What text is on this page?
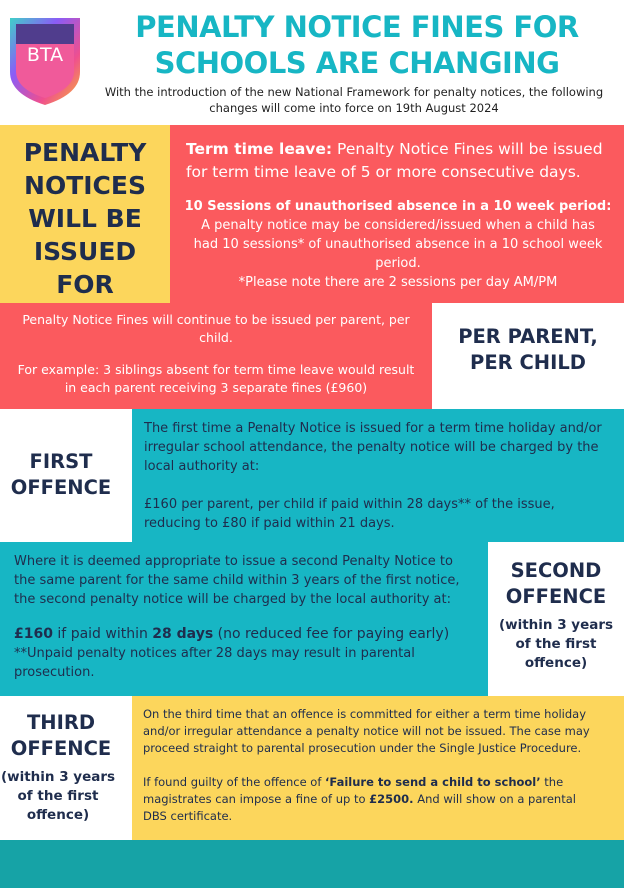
BTA
PENALTY NOTICE FINES FOR
SCHOOLS ARE CHANGING
With the introduction of the new National Framework for penalty notices, the following
changes will come into force on 19th August 2024
PENALTY
NOTICES
WILL BE
ISSUED
FOR
Term time leave: Penalty Notice Fines will be issued
for term time leave of 5 or more consecutive days.
10 Sessions of unauthorised absence in a 10 week period:
A penalty notice may be considered/issued when a child has
had 10 sessions* of unauthorised absence in a 10 school week
period.
*Please note there are 2 sessions per day AM/PM
Penalty Notice Fines will continue to be issued per parent, per
child.
For example: 3 siblings absent for term time leave would result
in each parent receiving 3 separate fines (£960)
PER PARENT,
PER CHILD
FIRST
OFFENCE
The first time a Penalty Notice is issued for a term time holiday and/or
irregular school attendance, the penalty notice will be charged by the
local authority at:
£160 per parent, per child if paid within 28 days** of the issue,
reducing to £80 if paid within 21 days.
Where it is deemed appropriate to issue a second Penalty Notice to
the same parent for the same child within 3 years of the first notice,
the second penalty notice will be charged by the local authority at:
£160 if paid within 28 days (no reduced fee for paying early)
**Unpaid penalty notices after 28 days may result in parental
prosecution.
SECOND
OFFENCE
(within 3 years
of the first
offence)
THIRD
OFFENCE
(within 3 years
of the first
offence)
On the third time that an offence is committed for either a term time holiday
and/or irregular attendance a penalty notice will not be issued. The case may
proceed straight to parental prosecution under the Single Justice Procedure.
If found guilty of the offence of ‘Failure to send a child to school’ the
magistrates can impose a fine of up to £2500. And will show on a parental
DBS certificate.
